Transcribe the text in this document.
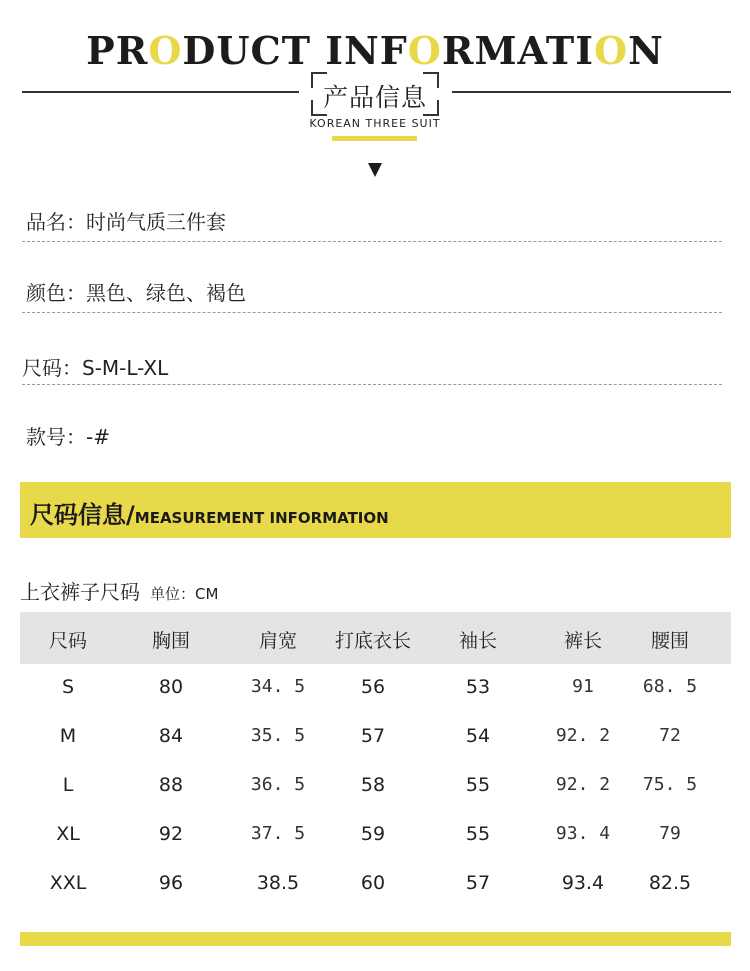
PRODUCT INFORMATION
产品信息
KOREAN THREE SUIT
品名：时尚气质三件套
颜色：黑色、绿色、褐色
尺码：S-M-L-XL
款号：-#
尺码信息/MEASUREMENT INFORMATION
上衣裤子尺码 单位：CM
尺码	胸围	肩宽	打底衣长	袖长	裤长	腰围
S	80	34. 5	56	53	91	68. 5
M	84	35. 5	57	54	92. 2	72
L	88	36. 5	58	55	92. 2	75. 5
XL	92	37. 5	59	55	93. 4	79
XXL	96	38.5	60	57	93.4	82.5
